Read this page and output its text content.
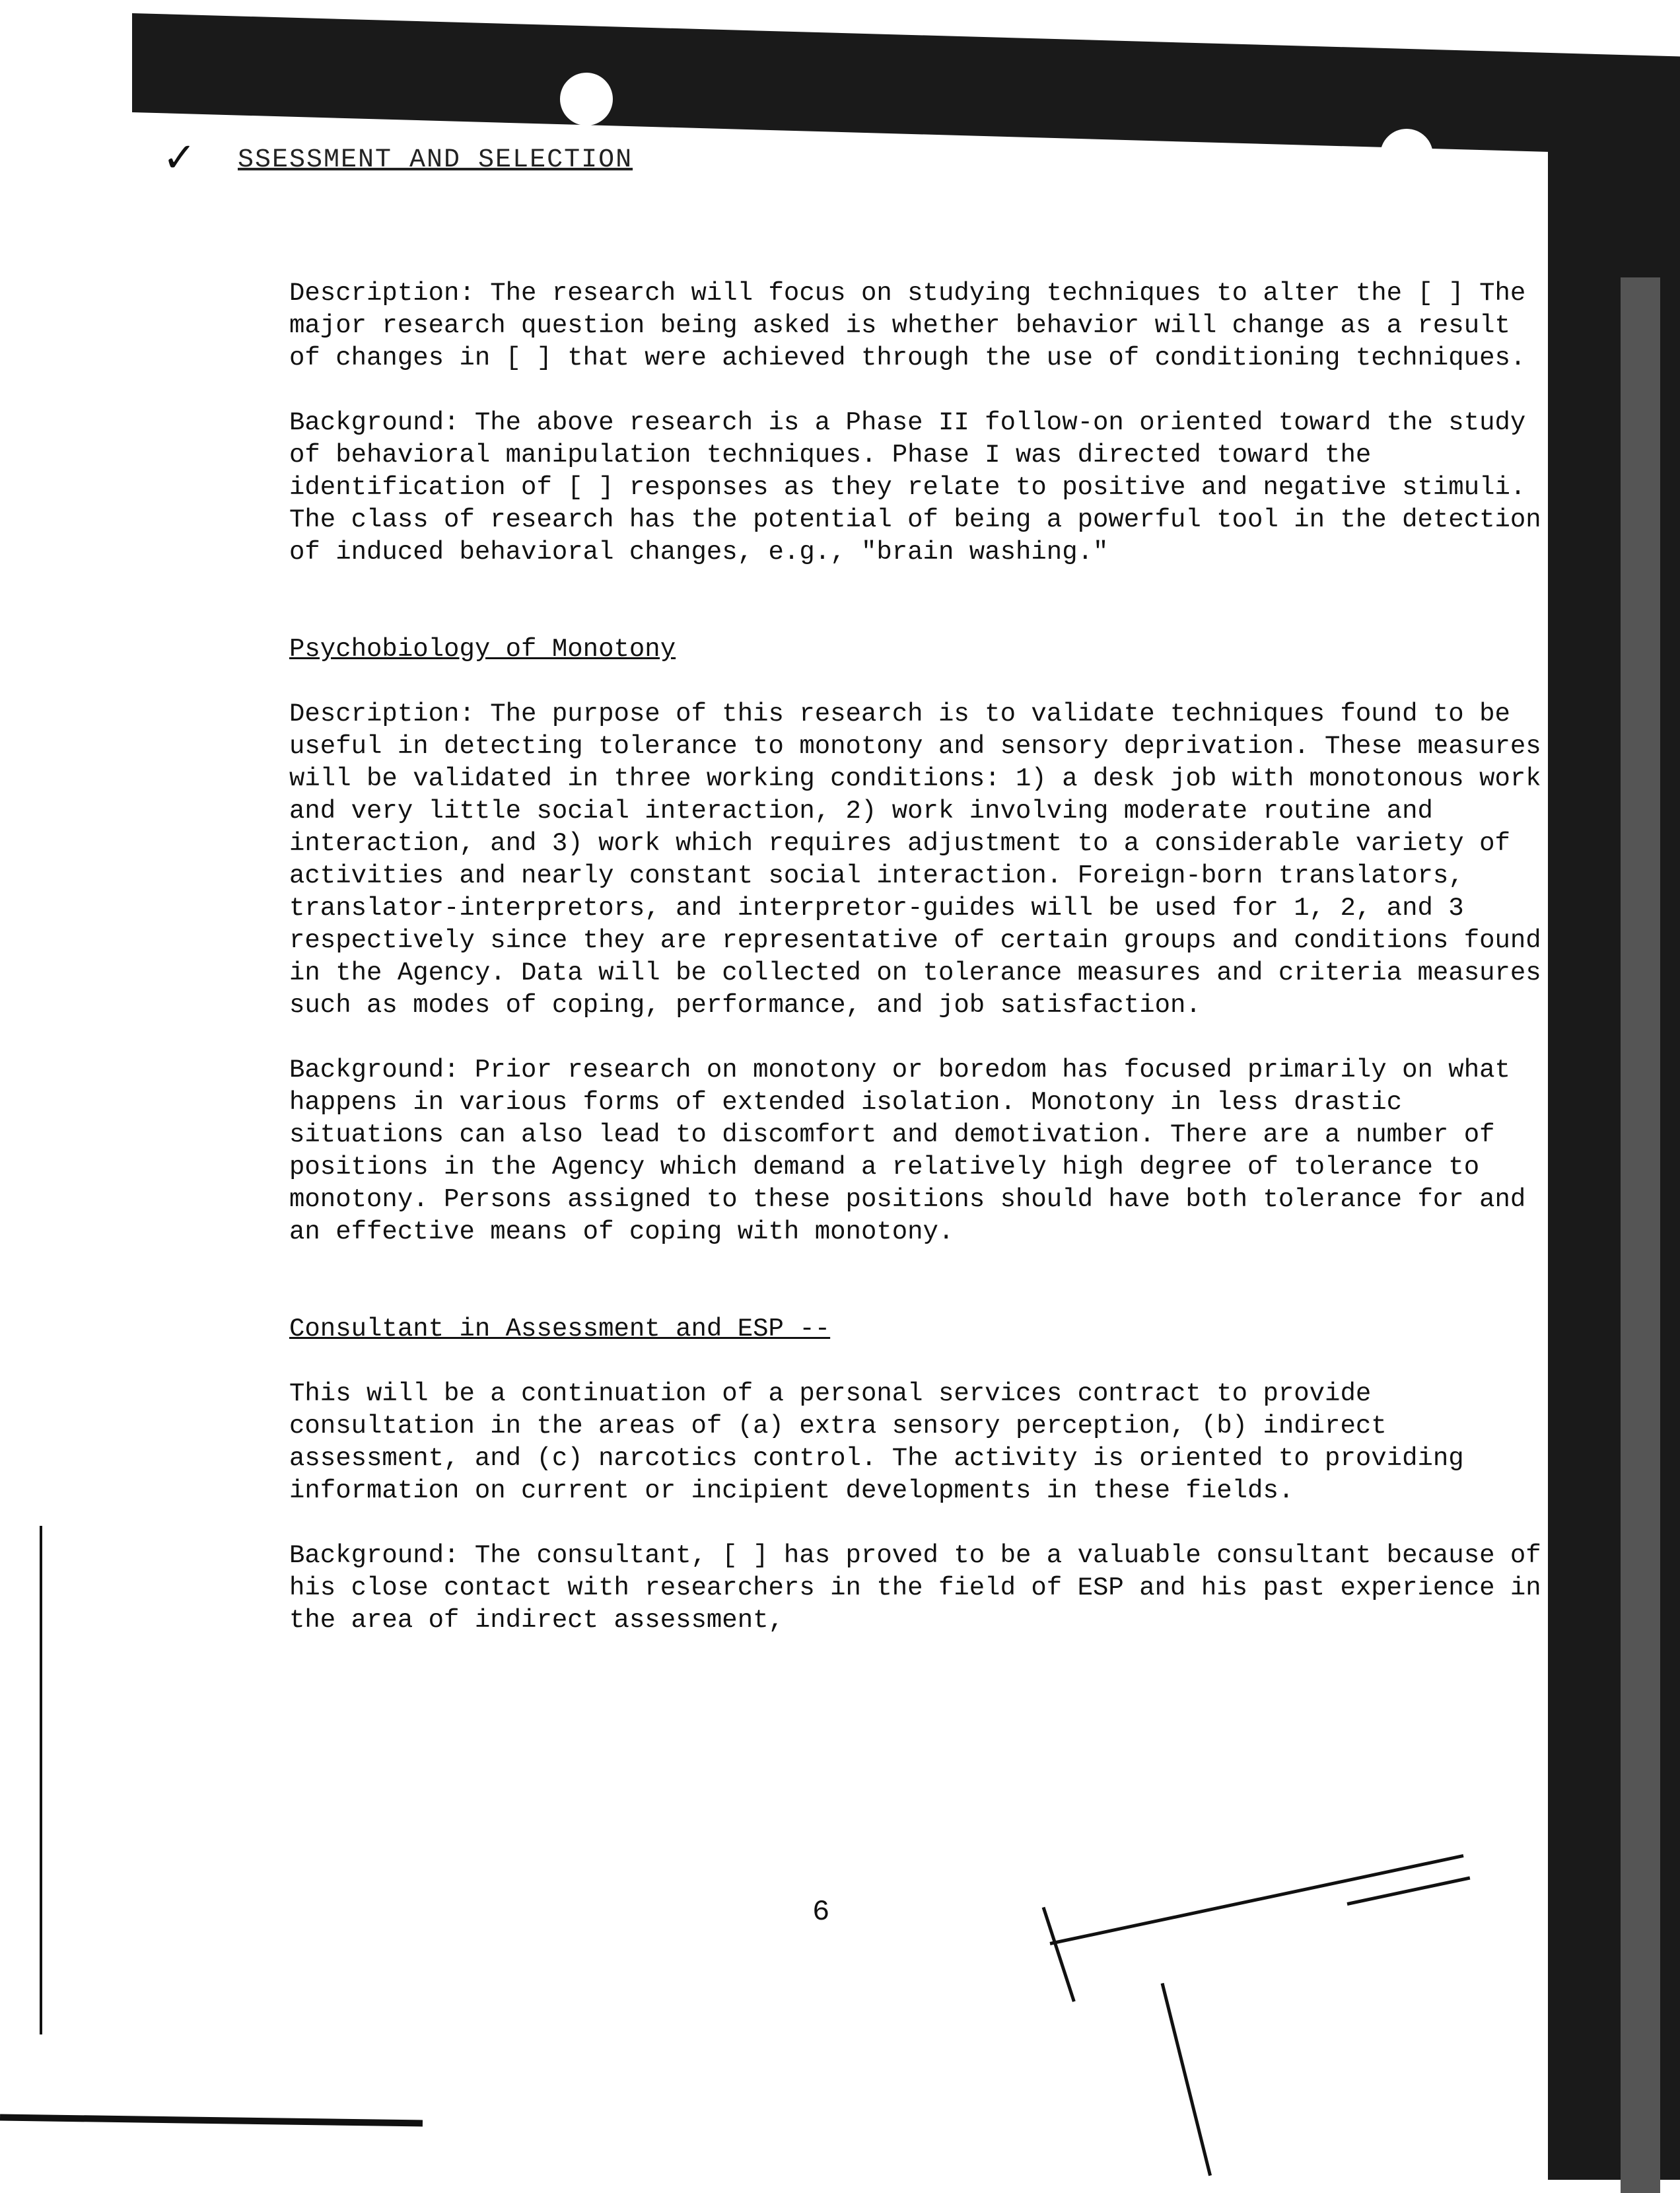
✓ SSESSMENT AND SELECTION

Description: The research will focus on studying techniques to alter the [ ] The major research question being asked is whether behavior will change as a result of changes in [ ] that were achieved through the use of conditioning techniques.

Background: The above research is a Phase II follow-on oriented toward the study of behavioral manipulation techniques. Phase I was directed toward the identification of [ ] responses as they relate to positive and negative stimuli. The class of research has the potential of being a powerful tool in the detection of induced behavioral changes, e.g., "brain washing."

Psychobiology of Monotony

Description: The purpose of this research is to validate techniques found to be useful in detecting tolerance to monotony and sensory deprivation. These measures will be validated in three working conditions: 1) a desk job with monotonous work and very little social interaction, 2) work involving moderate routine and interaction, and 3) work which requires adjustment to a considerable variety of activities and nearly constant social interaction. Foreign-born translators, translator-interpretors, and interpretor-guides will be used for 1, 2, and 3 respectively since they are representative of certain groups and conditions found in the Agency. Data will be collected on tolerance measures and criteria measures such as modes of coping, performance, and job satisfaction.

Background: Prior research on monotony or boredom has focused primarily on what happens in various forms of extended isolation. Monotony in less drastic situations can also lead to discomfort and demotivation. There are a number of positions in the Agency which demand a relatively high degree of tolerance to monotony. Persons assigned to these positions should have both tolerance for and an effective means of coping with monotony.

Consultant in Assessment and ESP --

This will be a continuation of a personal services contract to provide consultation in the areas of (a) extra sensory perception, (b) indirect assessment, and (c) narcotics control. The activity is oriented to providing information on current or incipient developments in these fields.

Background: The consultant, [ ] has proved to be a valuable consultant because of his close contact with researchers in the field of ESP and his past experience in the area of indirect assessment,

6
